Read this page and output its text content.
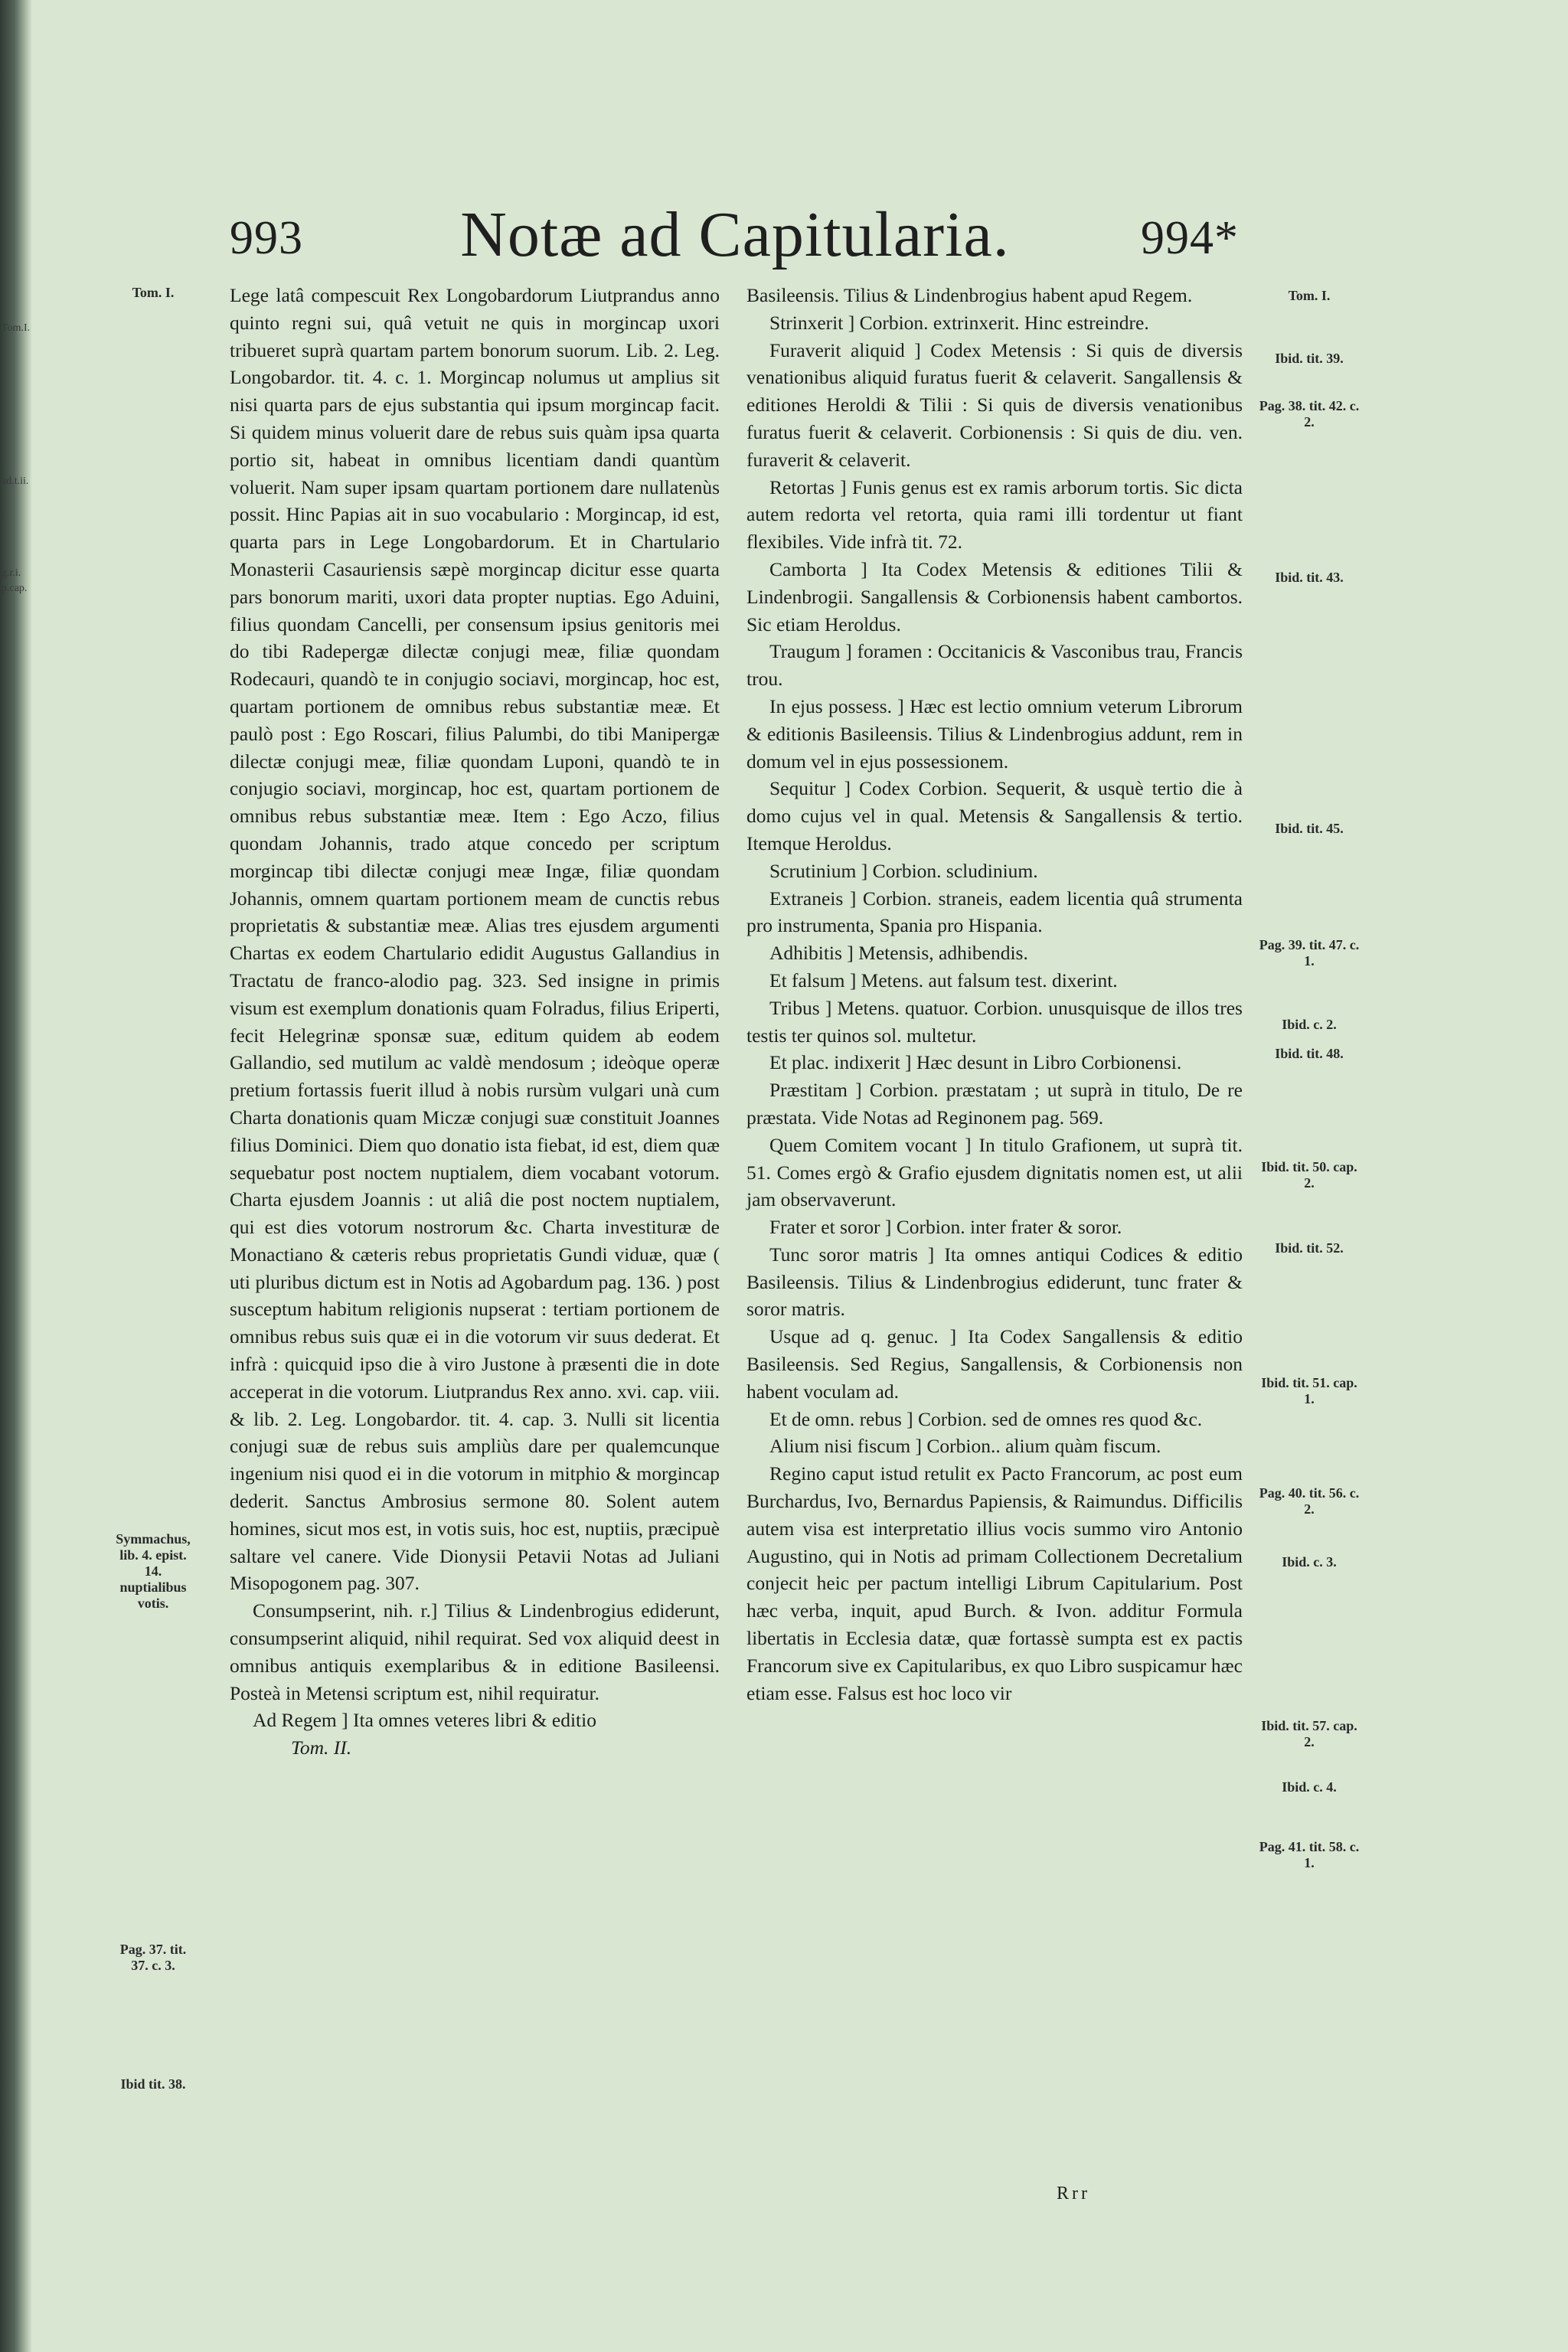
Tom.I.
ad.t.ii.
g.r.i.
p.cap.
993	Notæ ad Capitularia.	994*
Tom. I.
Symmachus, lib. 4. epist. 14. nuptialibus votis.
Pag. 37. tit. 37. c. 3.
Ibid tit. 38.
Tom. I.
Ibid. tit. 39.
Pag. 38. tit. 42. c. 2.
Ibid. tit. 43.
Ibid. tit. 45.
Pag. 39. tit. 47. c. 1.
Ibid. c. 2.
Ibid. tit. 48.
Ibid. tit. 50. cap. 2.
Ibid. tit. 52.
Ibid. tit. 51. cap. 1.
Pag. 40. tit. 56. c. 2.
Ibid. c. 3.
Ibid. tit. 57. cap. 2.
Ibid. c. 4.
Pag. 41. tit. 58. c. 1.

Lege latâ compescuit Rex Longobardorum Liutprandus anno quinto regni sui, quâ vetuit ne quis in morgincap uxori tribueret suprà quartam partem bonorum suorum. Lib. 2. Leg. Longobardor. tit. 4. c. 1. Morgincap nolumus ut amplius sit nisi quarta pars de ejus substantia qui ipsum morgincap facit. Si quidem minus voluerit dare de rebus suis quàm ipsa quarta portio sit, habeat in omnibus licentiam dandi quantùm voluerit. Nam super ipsam quartam portionem dare nullatenùs possit. Hinc Papias ait in suo vocabulario : Morgincap, id est, quarta pars in Lege Longobardorum. Et in Chartulario Monasterii Casauriensis sæpè morgincap dicitur esse quarta pars bonorum mariti, uxori data propter nuptias. Ego Aduini, filius quondam Cancelli, per consensum ipsius genitoris mei do tibi Radepergæ dilectæ conjugi meæ, filiæ quondam Rodecauri, quandò te in conjugio sociavi, morgincap, hoc est, quartam portionem de omnibus rebus substantiæ meæ. Et paulò post : Ego Roscari, filius Palumbi, do tibi Manipergæ dilectæ conjugi meæ, filiæ quondam Luponi, quandò te in conjugio sociavi, morgincap, hoc est, quartam portionem de omnibus rebus substantiæ meæ. Item : Ego Aczo, filius quondam Johannis, trado atque concedo per scriptum morgincap tibi dilectæ conjugi meæ Ingæ, filiæ quondam Johannis, omnem quartam portionem meam de cunctis rebus proprietatis & substantiæ meæ. Alias tres ejusdem argumenti Chartas ex eodem Chartulario edidit Augustus Gallandius in Tractatu de franco-alodio pag. 323. Sed insigne in primis visum est exemplum donationis quam Folradus, filius Eriperti, fecit Helegrinæ sponsæ suæ, editum quidem ab eodem Gallandio, sed mutilum ac valdè mendosum ; ideòque operæ pretium fortassis fuerit illud à nobis rursùm vulgari unà cum Charta donationis quam Miczæ conjugi suæ constituit Joannes filius Dominici. Diem quo donatio ista fiebat, id est, diem quæ sequebatur post noctem nuptialem, diem vocabant votorum. Charta ejusdem Joannis : ut aliâ die post noctem nuptialem, qui est dies votorum nostrorum &c. Charta investituræ de Monactiano & cæteris rebus proprietatis Gundi viduæ, quæ ( uti pluribus dictum est in Notis ad Agobardum pag. 136. ) post susceptum habitum religionis nupserat : tertiam portionem de omnibus rebus suis quæ ei in die votorum vir suus dederat. Et infrà : quicquid ipso die à viro Justone à præsenti die in dote acceperat in die votorum. Liutprandus Rex anno. xvi. cap. viii. & lib. 2. Leg. Longobardor. tit. 4. cap. 3. Nulli sit licentia conjugi suæ de rebus suis ampliùs dare per qualemcunque ingenium nisi quod ei in die votorum in mitphio & morgincap dederit. Sanctus Ambrosius sermone 80. Solent autem homines, sicut mos est, in votis suis, hoc est, nuptiis, præcipuè saltare vel canere. Vide Dionysii Petavii Notas ad Juliani Misopogonem pag. 307.

Consumpserint, nih. r.] Tilius & Lindenbrogius ediderunt, consumpserint aliquid, nihil requirat. Sed vox aliquid deest in omnibus antiquis exemplaribus & in editione Basileensi. Posteà in Metensi scriptum est, nihil requiratur.

Ad Regem ] Ita omnes veteres libri & editio

Tom. II.

Basileensis. Tilius & Lindenbrogius habent apud Regem.

Strinxerit ] Corbion. extrinxerit. Hinc estreindre.

Furaverit aliquid ] Codex Metensis : Si quis de diversis venationibus aliquid furatus fuerit & celaverit. Sangallensis & editiones Heroldi & Tilii : Si quis de diversis venationibus furatus fuerit & celaverit. Corbionensis : Si quis de diu. ven. furaverit & celaverit.

Retortas ] Funis genus est ex ramis arborum tortis. Sic dicta autem redorta vel retorta, quia rami illi tordentur ut fiant flexibiles. Vide infrà tit. 72.

Camborta ] Ita Codex Metensis & editiones Tilii & Lindenbrogii. Sangallensis & Corbionensis habent cambortos. Sic etiam Heroldus.

Traugum ] foramen : Occitanicis & Vasconibus trau, Francis trou.

In ejus possess. ] Hæc est lectio omnium veterum Librorum & editionis Basileensis. Tilius & Lindenbrogius addunt, rem in domum vel in ejus possessionem.

Sequitur ] Codex Corbion. Sequerit, & usquè tertio die à domo cujus vel in qual. Metensis & Sangallensis & tertio. Itemque Heroldus.

Scrutinium ] Corbion. scludinium.

Extraneis ] Corbion. straneis, eadem licentia quâ strumenta pro instrumenta, Spania pro Hispania.

Adhibitis ] Metensis, adhibendis.

Et falsum ] Metens. aut falsum test. dixerint.

Tribus ] Metens. quatuor. Corbion. unusquisque de illos tres testis ter quinos sol. multetur.

Et plac. indixerit ] Hæc desunt in Libro Corbionensi.

Præstitam ] Corbion. præstatam ; ut suprà in titulo, De re præstata. Vide Notas ad Reginonem pag. 569.

Quem Comitem vocant ] In titulo Grafionem, ut suprà tit. 51. Comes ergò & Grafio ejusdem dignitatis nomen est, ut alii jam observaverunt.

Frater et soror ] Corbion. inter frater & soror.

Tunc soror matris ] Ita omnes antiqui Codices & editio Basileensis. Tilius & Lindenbrogius ediderunt, tunc frater & soror matris.

Usque ad q. genuc. ] Ita Codex Sangallensis & editio Basileensis. Sed Regius, Sangallensis, & Corbionensis non habent voculam ad.

Et de omn. rebus ] Corbion. sed de omnes res quod &c.

Alium nisi fiscum ] Corbion.. alium quàm fiscum.

Regino caput istud retulit ex Pacto Francorum, ac post eum Burchardus, Ivo, Bernardus Papiensis, & Raimundus. Difficilis autem visa est interpretatio illius vocis summo viro Antonio Augustino, qui in Notis ad primam Collectionem Decretalium conjecit heic per pactum intelligi Librum Capitularium. Post hæc verba, inquit, apud Burch. & Ivon. additur Formula libertatis in Ecclesia datæ, quæ fortassè sumpta est ex pactis Francorum sive ex Capitularibus, ex quo Libro suspicamur hæc etiam esse. Falsus est hoc loco vir

Rrr
